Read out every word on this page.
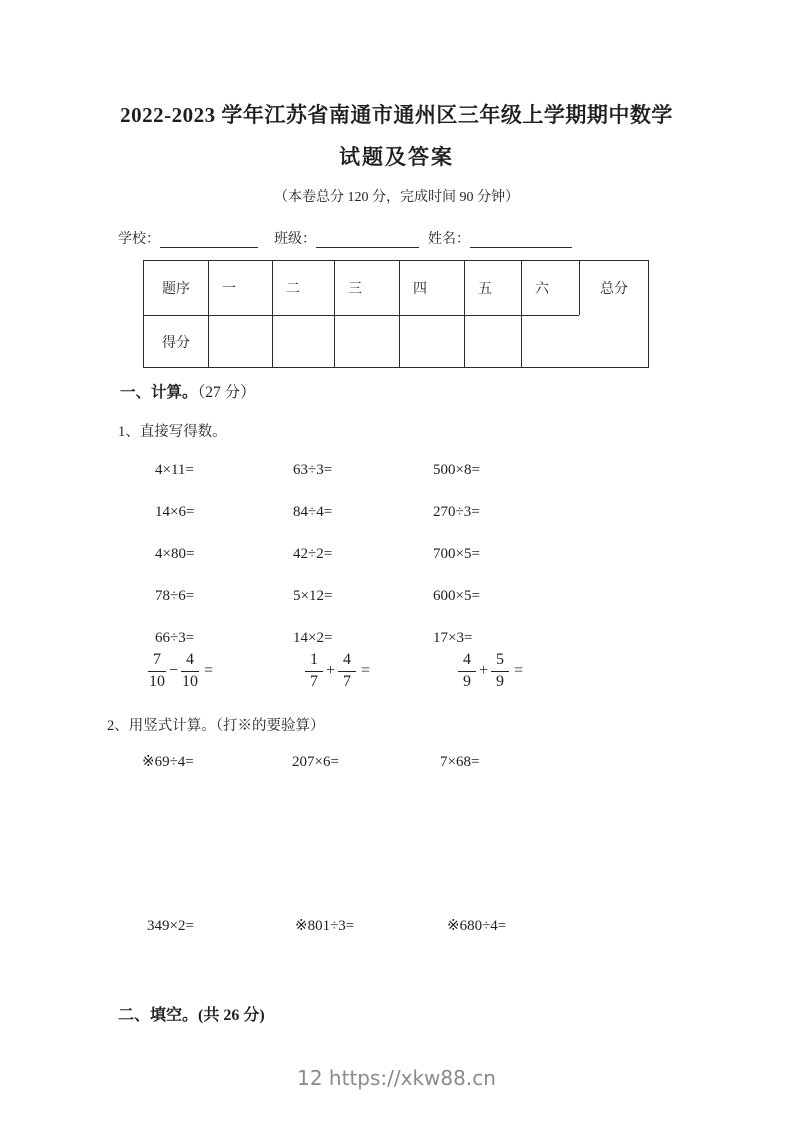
2022-2023 学年江苏省南通市通州区三年级上学期期中数学
试题及答案
（本卷总分 120 分，完成时间 90 分钟）
学校：	班级：	姓名：
题序	一	二	三	四	五	六	总分
得分
一、计算。（27 分）
1、直接写得数。
4×11=	63÷3=	500×8=
14×6=	84÷4=	270÷3=
4×80=	42÷2=	700×5=
78÷6=	5×12=	600×5=
66÷3=	14×2=	17×3=
$\frac{7}{10} - \frac{4}{10}$ =	$\frac{1}{7} + \frac{4}{7}$ =	$\frac{4}{9} + \frac{5}{9}$ =
2、用竖式计算。（打※的要验算）
※69÷4=	207×6=	7×68=
349×2=	※801÷3=	※680÷4=
二、填空。(共 26 分)
12 https://xkw88.cn
